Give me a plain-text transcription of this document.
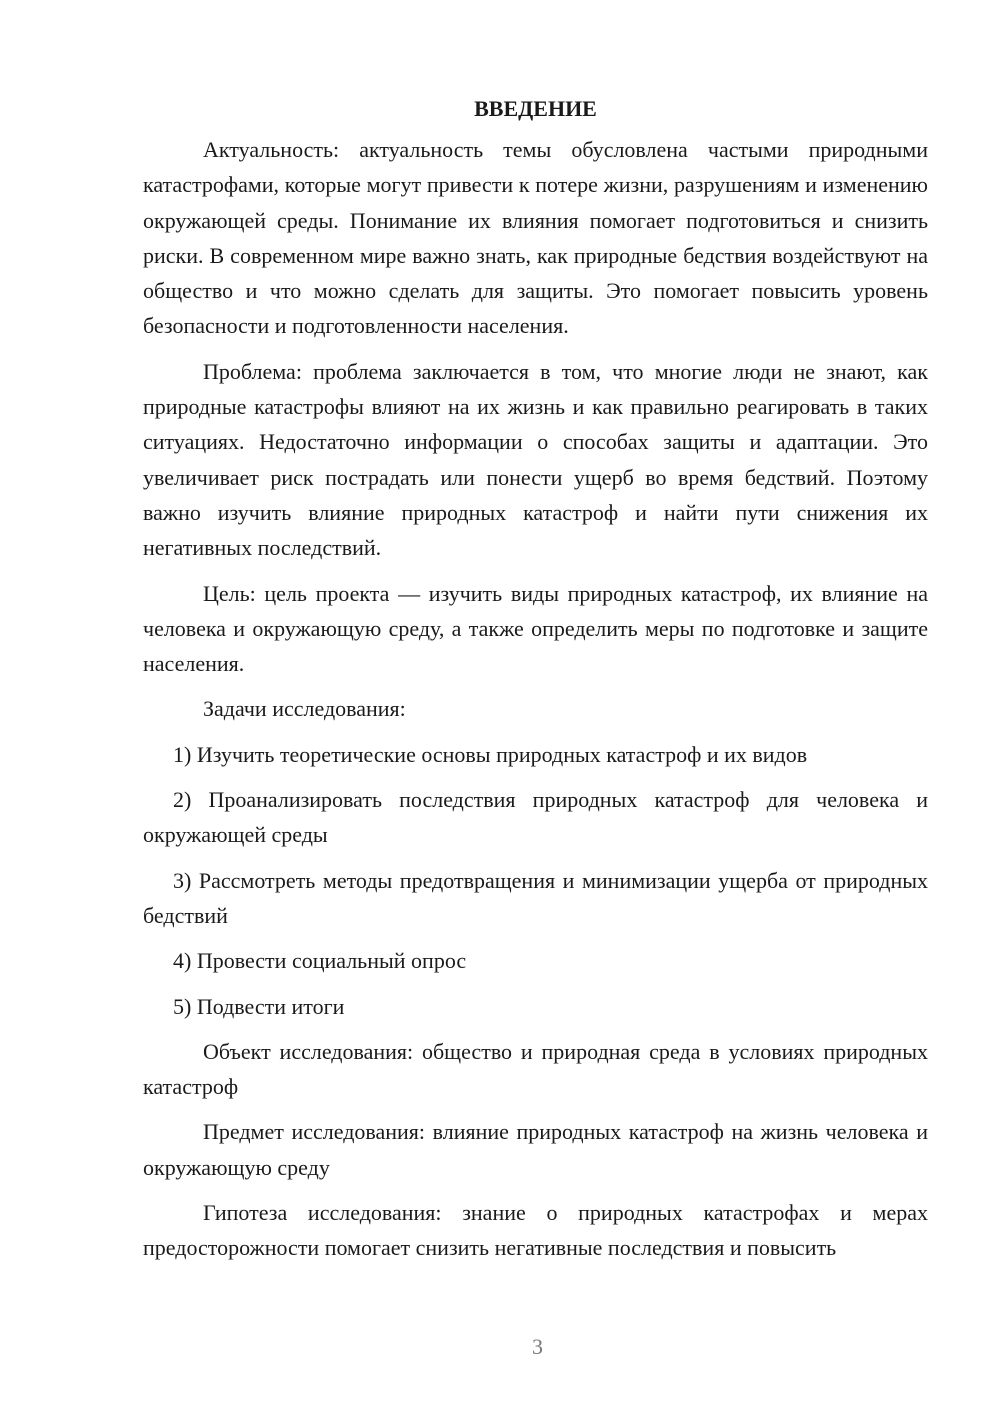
ВВЕДЕНИЕ

Актуальность: актуальность темы обусловлена частыми природными катастрофами, которые могут привести к потере жизни, разрушениям и изменению окружающей среды. Понимание их влияния помогает подготовиться и снизить риски. В современном мире важно знать, как природные бедствия воздействуют на общество и что можно сделать для защиты. Это помогает повысить уровень безопасности и подготовленности населения.

Проблема: проблема заключается в том, что многие люди не знают, как природные катастрофы влияют на их жизнь и как правильно реагировать в таких ситуациях. Недостаточно информации о способах защиты и адаптации. Это увеличивает риск пострадать или понести ущерб во время бедствий. Поэтому важно изучить влияние природных катастроф и найти пути снижения их негативных последствий.

Цель: цель проекта — изучить виды природных катастроф, их влияние на человека и окружающую среду, а также определить меры по подготовке и защите населения.

Задачи исследования:

1) Изучить теоретические основы природных катастроф и их видов

2) Проанализировать последствия природных катастроф для человека и окружающей среды

3) Рассмотреть методы предотвращения и минимизации ущерба от природных бедствий

4) Провести социальный опрос

5) Подвести итоги

Объект исследования: общество и природная среда в условиях природных катастроф

Предмет исследования: влияние природных катастроф на жизнь человека и окружающую среду

Гипотеза исследования: знание о природных катастрофах и мерах предосторожности помогает снизить негативные последствия и повысить

3
